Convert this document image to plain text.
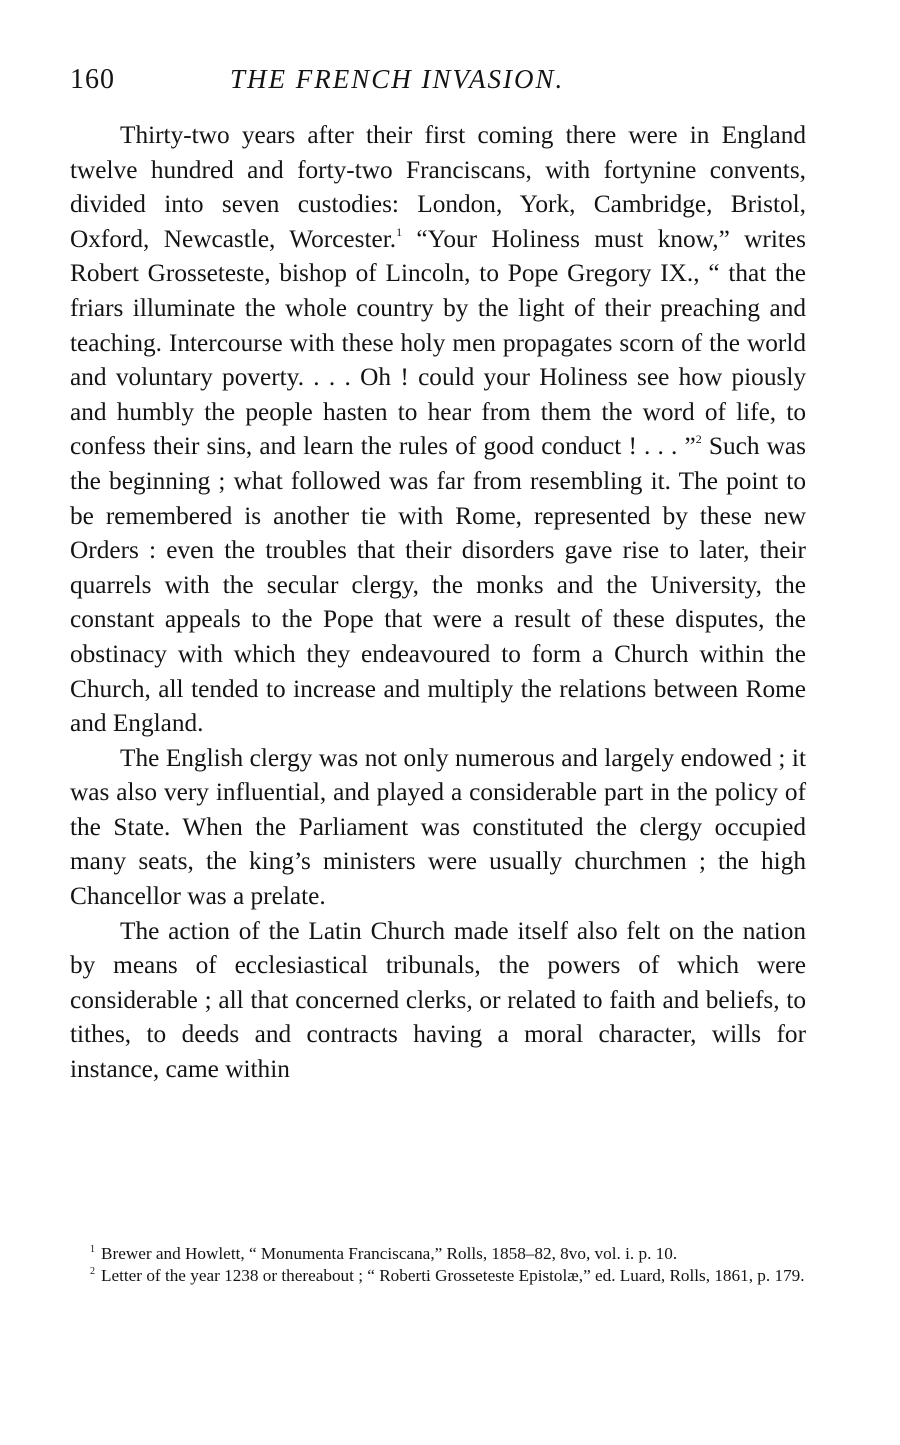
160	THE FRENCH INVASION.

Thirty-two years after their first coming there were in England twelve hundred and forty-two Franciscans, with fortynine convents, divided into seven custodies: London, York, Cambridge, Bristol, Oxford, Newcastle, Worcester.$^1$ “Your Holiness must know,” writes Robert Grosseteste, bishop of Lincoln, to Pope Gregory IX., “ that the friars illuminate the whole country by the light of their preaching and teaching. Intercourse with these holy men propagates scorn of the world and voluntary poverty. . . . Oh ! could your Holiness see how piously and humbly the people hasten to hear from them the word of life, to confess their sins, and learn the rules of good conduct ! . . . ”$^2$ Such was the beginning ; what followed was far from resembling it. The point to be remembered is another tie with Rome, represented by these new Orders : even the troubles that their disorders gave rise to later, their quarrels with the secular clergy, the monks and the University, the constant appeals to the Pope that were a result of these disputes, the obstinacy with which they endeavoured to form a Church within the Church, all tended to increase and multiply the relations between Rome and England.

The English clergy was not only numerous and largely endowed ; it was also very influential, and played a considerable part in the policy of the State. When the Parliament was constituted the clergy occupied many seats, the king’s ministers were usually churchmen ; the high Chancellor was a prelate.

The action of the Latin Church made itself also felt on the nation by means of ecclesiastical tribunals, the powers of which were considerable ; all that concerned clerks, or related to faith and beliefs, to tithes, to deeds and contracts having a moral character, wills for instance, came within

$^1$ Brewer and Howlett, “ Monumenta Franciscana,” Rolls, 1858–82, 8vo, vol. i. p. 10.

$^2$ Letter of the year 1238 or thereabout ; “ Roberti Grosseteste Epistolæ,” ed. Luard, Rolls, 1861, p. 179.
